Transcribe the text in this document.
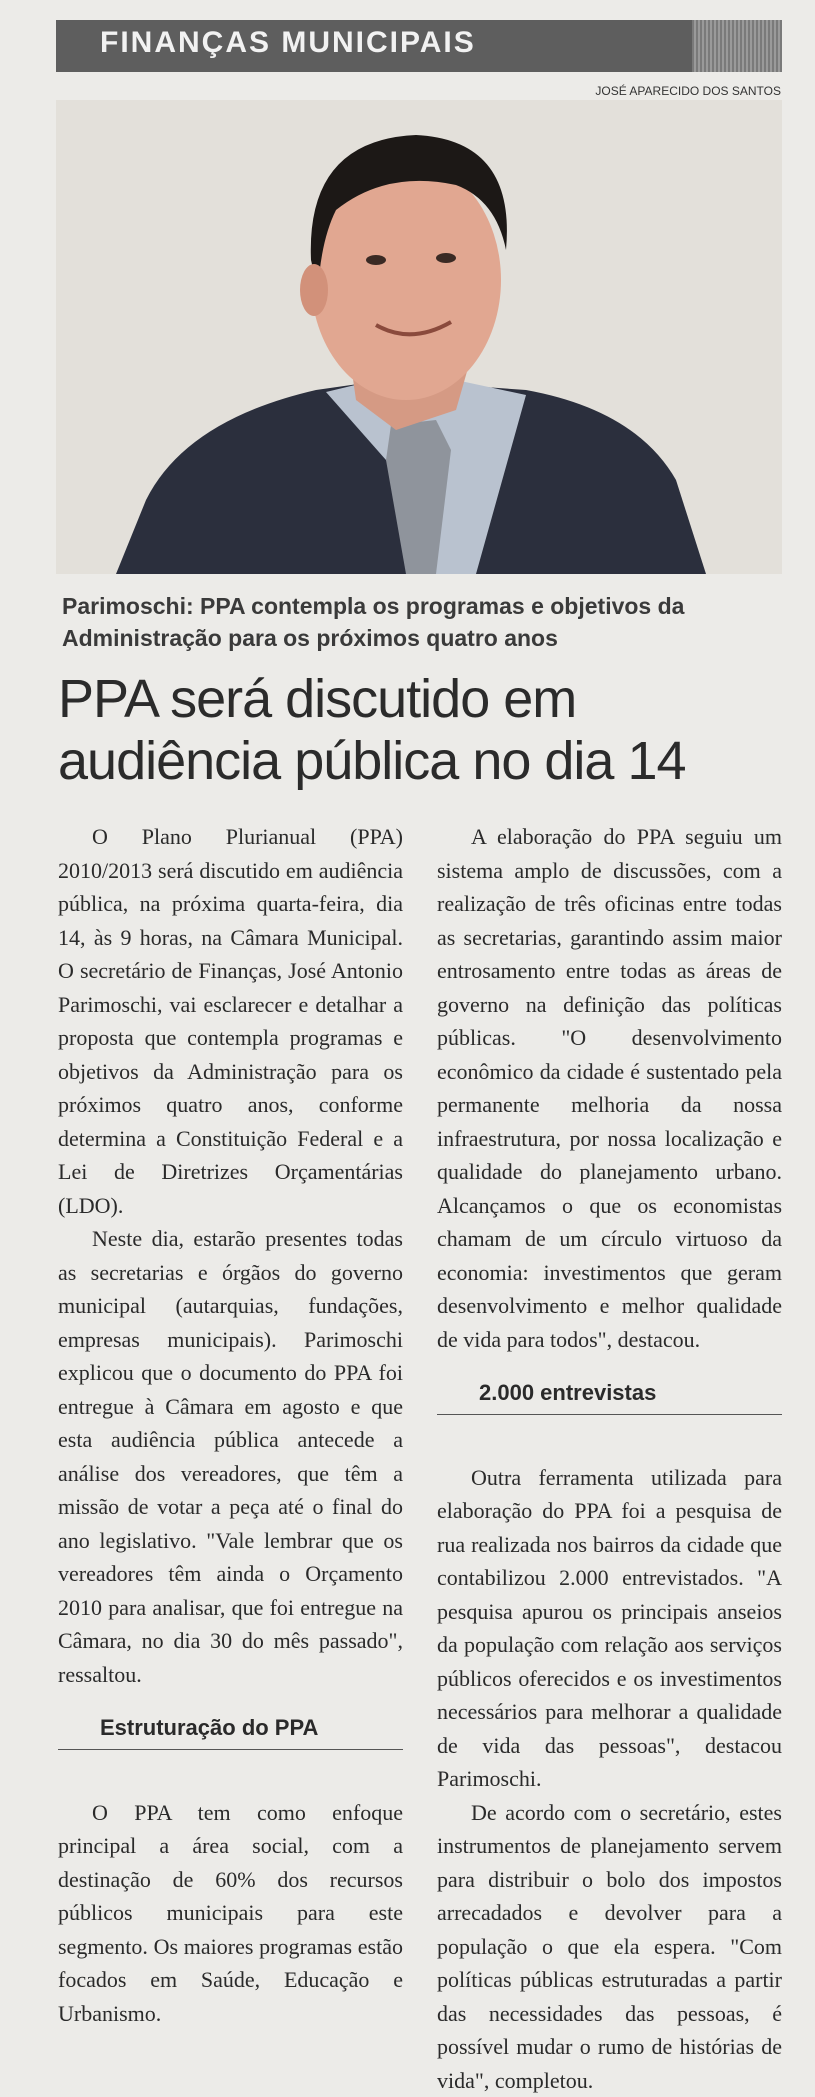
FINANÇAS MUNICIPAIS
JOSÉ APARECIDO DOS SANTOS
Parimoschi: PPA contempla os programas e objetivos da Administração para os próximos quatro anos
PPA será discutido em audiência pública no dia 14

O Plano Plurianual (PPA) 2010/2013 será discutido em audiência pública, na próxima quarta-feira, dia 14, às 9 horas, na Câmara Municipal. O secretário de Finanças, José Antonio Parimoschi, vai esclarecer e detalhar a proposta que contempla programas e objetivos da Administração para os próximos quatro anos, conforme determina a Constituição Federal e a Lei de Diretrizes Orçamentárias (LDO).

Neste dia, estarão presentes todas as secretarias e órgãos do governo municipal (autarquias, fundações, empresas municipais). Parimoschi explicou que o documento do PPA foi entregue à Câmara em agosto e que esta audiência pública antecede a análise dos vereadores, que têm a missão de votar a peça até o final do ano legislativo. "Vale lembrar que os vereadores têm ainda o Orçamento 2010 para analisar, que foi entregue na Câmara, no dia 30 do mês passado", ressaltou.

Estruturação do PPA

O PPA tem como enfoque principal a área social, com a destinação de 60% dos recursos públicos municipais para este segmento. Os maiores programas estão focados em Saúde, Educação e Urbanismo.

A elaboração do PPA seguiu um sistema amplo de discussões, com a realização de três oficinas entre todas as secretarias, garantindo assim maior entrosamento entre todas as áreas de governo na definição das políticas públicas. "O desenvolvimento econômico da cidade é sustentado pela permanente melhoria da nossa infraestrutura, por nossa localização e qualidade do planejamento urbano. Alcançamos o que os economistas chamam de um círculo virtuoso da economia: investimentos que geram desenvolvimento e melhor qualidade de vida para todos", destacou.

2.000 entrevistas

Outra ferramenta utilizada para elaboração do PPA foi a pesquisa de rua realizada nos bairros da cidade que contabilizou 2.000 entrevistados. "A pesquisa apurou os principais anseios da população com relação aos serviços públicos oferecidos e os investimentos necessários para melhorar a qualidade de vida das pessoas", destacou Parimoschi.

De acordo com o secretário, estes instrumentos de planejamento servem para distribuir o bolo dos impostos arrecadados e devolver para a população o que ela espera. "Com políticas públicas estruturadas a partir das necessidades das pessoas, é possível mudar o rumo de histórias de vida", completou.
